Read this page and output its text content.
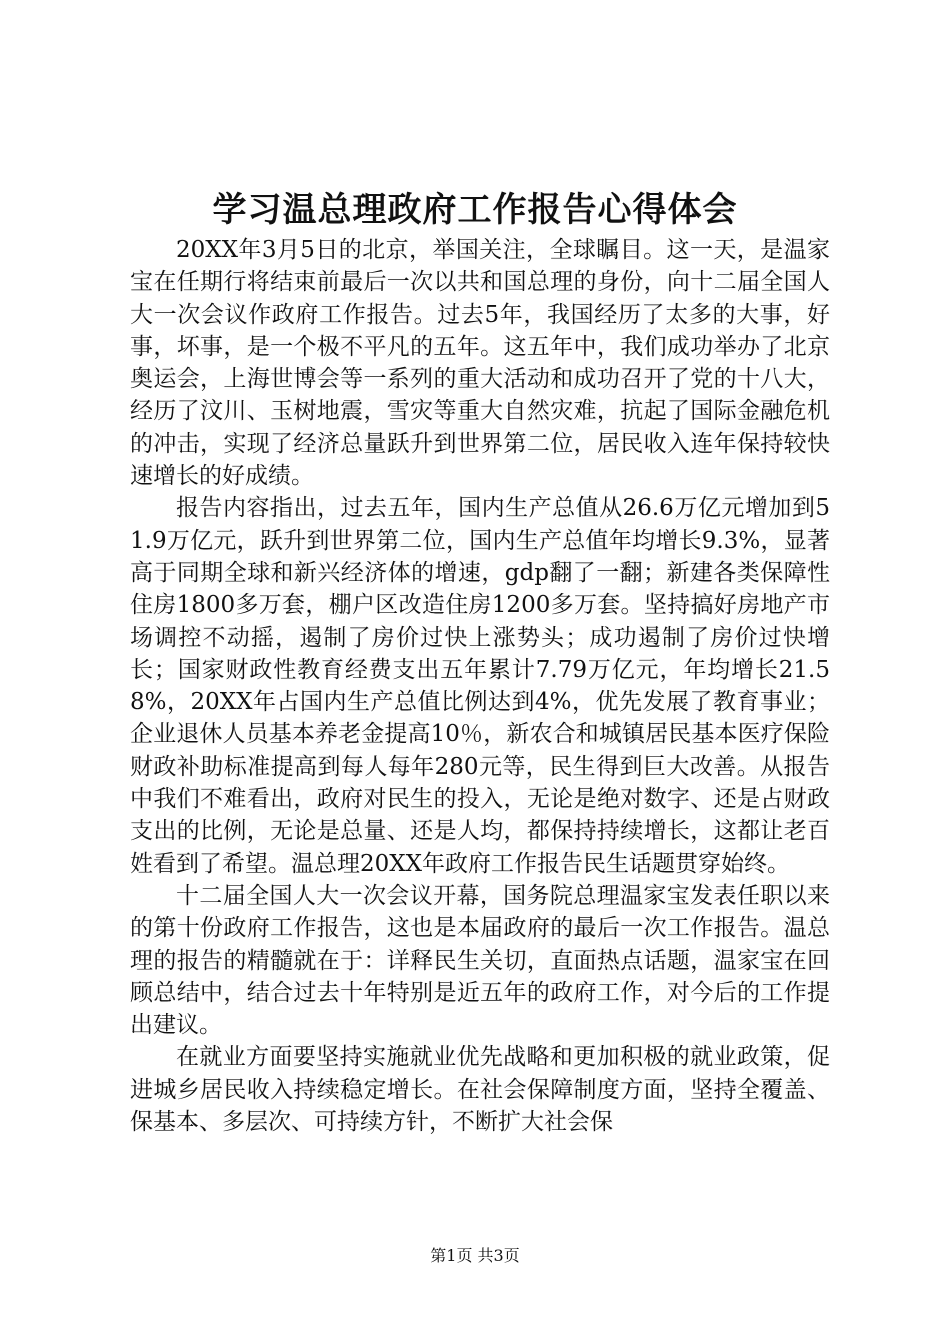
学习温总理政府工作报告心得体会

20XX年3月5日的北京，举国关注，全球瞩目。这一天，是温家宝在任期行将结束前最后一次以共和国总理的身份，向十二届全国人大一次会议作政府工作报告。过去5年，我国经历了太多的大事，好事，坏事，是一个极不平凡的五年。这五年中，我们成功举办了北京奥运会，上海世博会等一系列的重大活动和成功召开了党的十八大，经历了汶川、玉树地震，雪灾等重大自然灾难，抗起了国际金融危机的冲击，实现了经济总量跃升到世界第二位，居民收入连年保持较快速增长的好成绩。

报告内容指出，过去五年，国内生产总值从26.6万亿元增加到51.9万亿元，跃升到世界第二位，国内生产总值年均增长9.3%，显著高于同期全球和新兴经济体的增速，gdp翻了一翻；新建各类保障性住房1800多万套，棚户区改造住房1200多万套。坚持搞好房地产市场调控不动摇，遏制了房价过快上涨势头；成功遏制了房价过快增长；国家财政性教育经费支出五年累计7.79万亿元，年均增长21.58%，20XX年占国内生产总值比例达到4%，优先发展了教育事业；企业退休人员基本养老金提高10％，新农合和城镇居民基本医疗保险财政补助标准提高到每人每年280元等，民生得到巨大改善。从报告中我们不难看出，政府对民生的投入，无论是绝对数字、还是占财政支出的比例，无论是总量、还是人均，都保持持续增长，这都让老百姓看到了希望。温总理20XX年政府工作报告民生话题贯穿始终。

十二届全国人大一次会议开幕，国务院总理温家宝发表任职以来的第十份政府工作报告，这也是本届政府的最后一次工作报告。温总理的报告的精髓就在于：详释民生关切，直面热点话题，温家宝在回顾总结中，结合过去十年特别是近五年的政府工作，对今后的工作提出建议。

在就业方面要坚持实施就业优先战略和更加积极的就业政策，促进城乡居民收入持续稳定增长。在社会保障制度方面，坚持全覆盖、保基本、多层次、可持续方针，不断扩大社会保

第1页 共3页
